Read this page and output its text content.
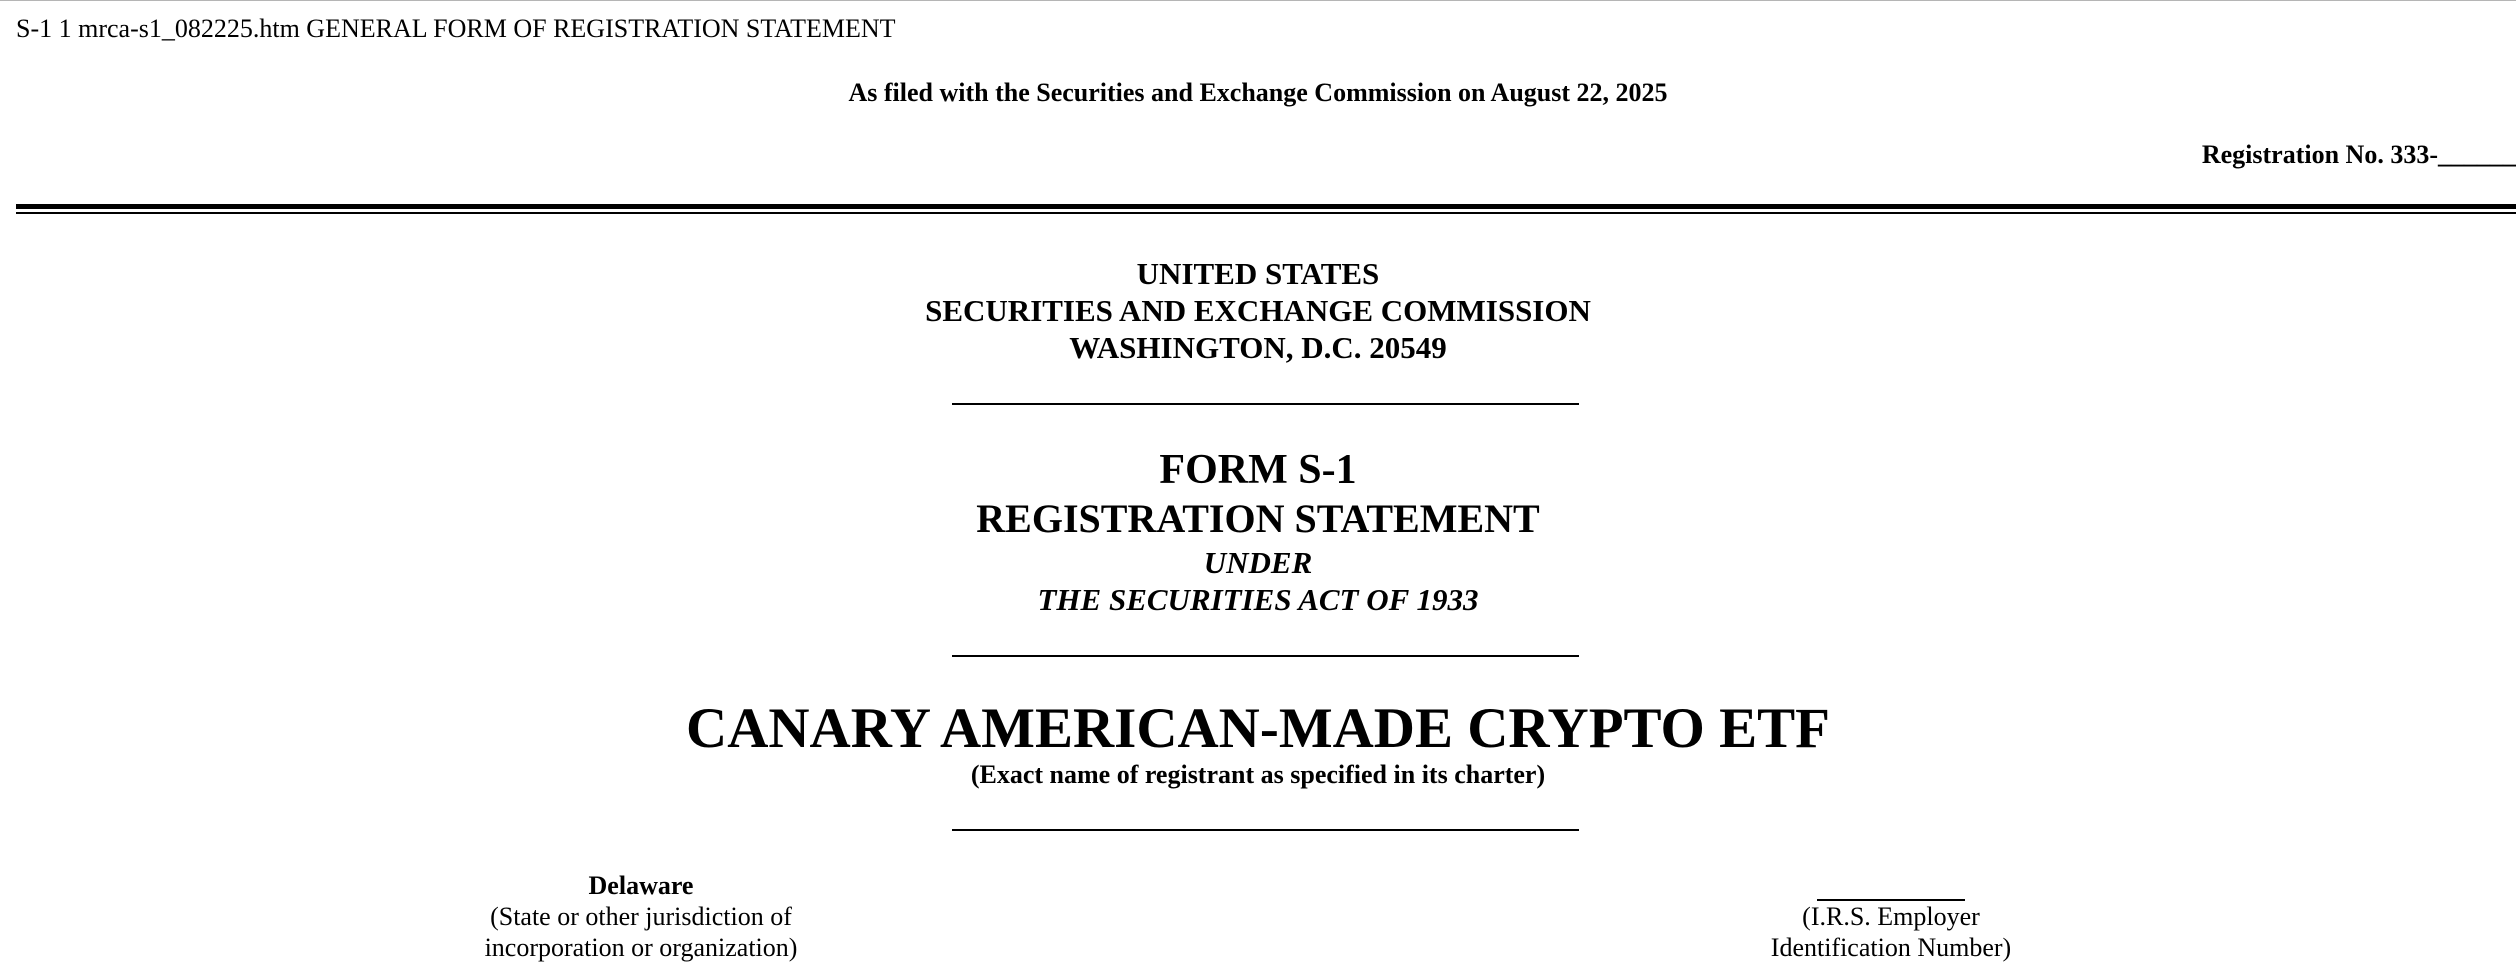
S-1 1 mrca-s1_082225.htm GENERAL FORM OF REGISTRATION STATEMENT
As filed with the Securities and Exchange Commission on August 22, 2025
Registration No. 333-______
UNITED STATES
SECURITIES AND EXCHANGE COMMISSION
WASHINGTON, D.C. 20549
FORM S-1
REGISTRATION STATEMENT
UNDER
THE SECURITIES ACT OF 1933
CANARY AMERICAN-MADE CRYPTO ETF
(Exact name of registrant as specified in its charter)
Delaware
(State or other jurisdiction of
incorporation or organization)
(I.R.S. Employer
Identification Number)
